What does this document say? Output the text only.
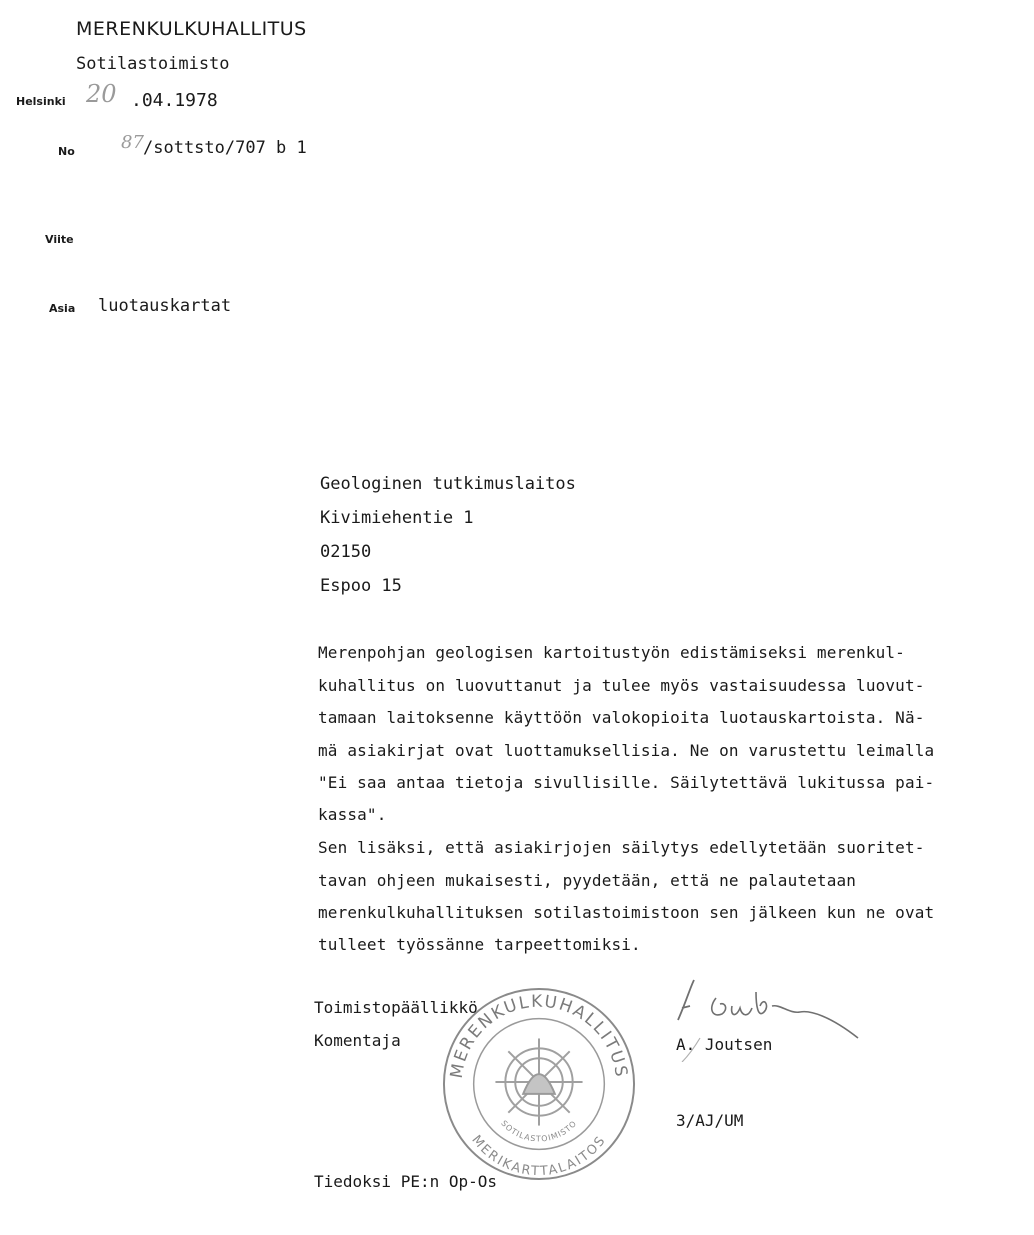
MERENKULKUHALLITUS
Sotilastoimisto
Helsinki 20 .04.1978
No	87 /sottsto/707 b 1
Viite
Asia luotauskartat
Geologinen tutkimuslaitos
Kivimiehentie 1
02150
Espoo 15
Merenpohjan geologisen kartoitustyön edistämiseksi merenkul-
kuhallitus on luovuttanut ja tulee myös vastaisuudessa luovut-
tamaan laitoksenne käyttöön valokopioita luotauskartoista. Nä-
mä asiakirjat ovat luottamuksellisia. Ne on varustettu leimalla
"Ei saa antaa tietoja sivullisille. Säilytettävä lukitussa pai-
kassa".
Sen lisäksi, että asiakirjojen säilytys edellytetään suoritet-
tavan ohjeen mukaisesti, pyydetään, että ne palautetaan
merenkulkuhallituksen sotilastoimistoon sen jälkeen kun ne ovat
tulleet työssänne tarpeettomiksi.
MERENKULKUHALLITUS
SOTILASTOIMISTO
MERIKARTTALAITOS
Toimistopäällikkö
Komentaja	A. Joutsen
3/AJ/UM
Tiedoksi PE:n Op-Os
